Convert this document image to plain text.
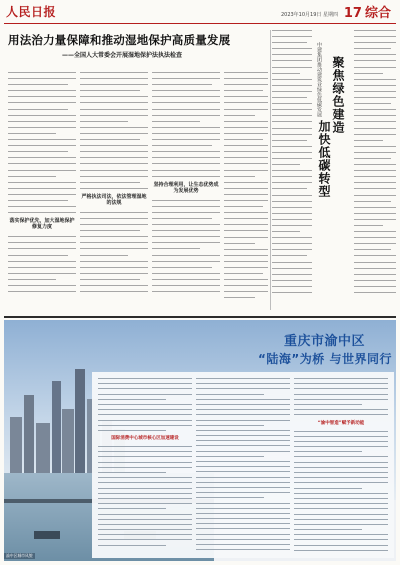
人民日报	2023年10月19日 星期四 17 综合
用法治力量保障和推动湿地保护高质量发展
——全国人大常委会开展湿地保护法执法检查
落实保护优先，加大湿地保护修复力度
严格执法司法，依法管理湿地的法规
坚持合理利用，让生态优势成为发展优势
中建集团推动建筑业绿色低碳发展 聚焦绿色建造
加快低碳转型
重庆市渝中区
“陆海”为桥 与世界同行
国际消费中心城市核心区加速建设
“渝中智造”赋予新动能
渝中区城市风貌
